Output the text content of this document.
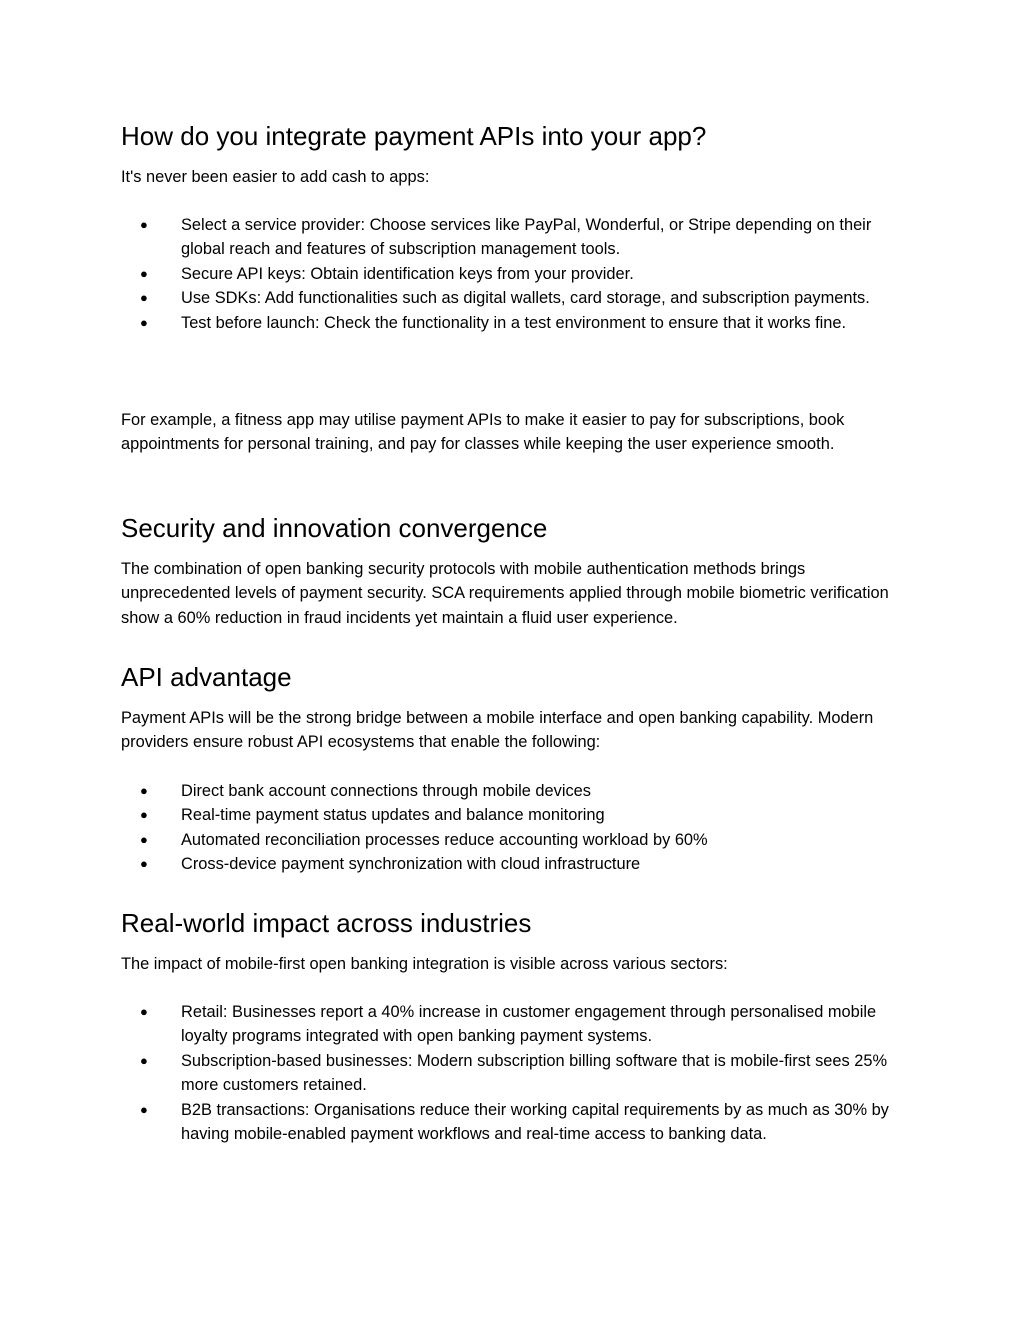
How do you integrate payment APIs into your app?

It's never been easier to add cash to apps:

● Select a service provider: Choose services like PayPal, Wonderful, or Stripe depending on their global reach and features of subscription management tools.
● Secure API keys: Obtain identification keys from your provider.
● Use SDKs: Add functionalities such as digital wallets, card storage, and subscription payments.
● Test before launch: Check the functionality in a test environment to ensure that it works fine.

For example, a fitness app may utilise payment APIs to make it easier to pay for subscriptions, book appointments for personal training, and pay for classes while keeping the user experience smooth.

Security and innovation convergence

The combination of open banking security protocols with mobile authentication methods brings unprecedented levels of payment security. SCA requirements applied through mobile biometric verification show a 60% reduction in fraud incidents yet maintain a fluid user experience.

API advantage

Payment APIs will be the strong bridge between a mobile interface and open banking capability. Modern providers ensure robust API ecosystems that enable the following:

● Direct bank account connections through mobile devices
● Real-time payment status updates and balance monitoring
● Automated reconciliation processes reduce accounting workload by 60%
● Cross-device payment synchronization with cloud infrastructure
Real-world impact across industries

The impact of mobile-first open banking integration is visible across various sectors:

● Retail: Businesses report a 40% increase in customer engagement through personalised mobile loyalty programs integrated with open banking payment systems.
● Subscription-based businesses: Modern subscription billing software that is mobile-first sees 25% more customers retained.
● B2B transactions: Organisations reduce their working capital requirements by as much as 30% by having mobile-enabled payment workflows and real-time access to banking data.
